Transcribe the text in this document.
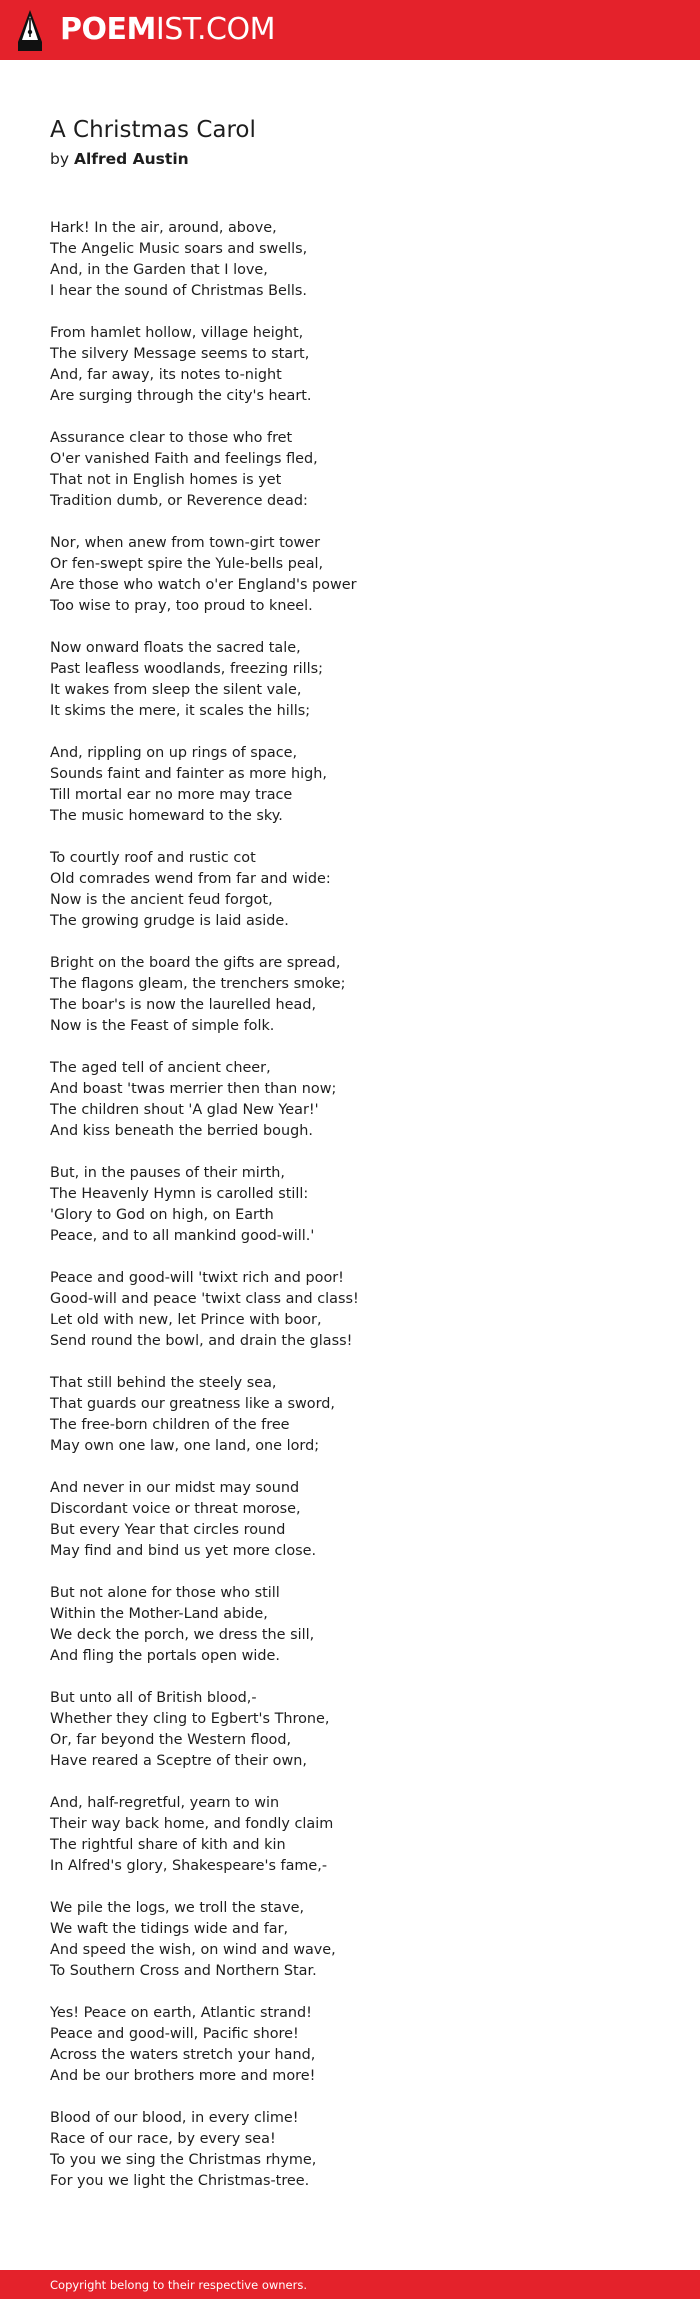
POEMIST.COM
A Christmas Carol
by Alfred Austin
Hark! In the air, around, above,
The Angelic Music soars and swells,
And, in the Garden that I love,
I hear the sound of Christmas Bells.
From hamlet hollow, village height,
The silvery Message seems to start,
And, far away, its notes to-night
Are surging through the city's heart.
Assurance clear to those who fret
O'er vanished Faith and feelings fled,
That not in English homes is yet
Tradition dumb, or Reverence dead:
Nor, when anew from town-girt tower
Or fen-swept spire the Yule-bells peal,
Are those who watch o'er England's power
Too wise to pray, too proud to kneel.
Now onward floats the sacred tale,
Past leafless woodlands, freezing rills;
It wakes from sleep the silent vale,
It skims the mere, it scales the hills;
And, rippling on up rings of space,
Sounds faint and fainter as more high,
Till mortal ear no more may trace
The music homeward to the sky.
To courtly roof and rustic cot
Old comrades wend from far and wide:
Now is the ancient feud forgot,
The growing grudge is laid aside.
Bright on the board the gifts are spread,
The flagons gleam, the trenchers smoke;
The boar's is now the laurelled head,
Now is the Feast of simple folk.
The aged tell of ancient cheer,
And boast 'twas merrier then than now;
The children shout 'A glad New Year!'
And kiss beneath the berried bough.
But, in the pauses of their mirth,
The Heavenly Hymn is carolled still:
'Glory to God on high, on Earth
Peace, and to all mankind good-will.'
Peace and good-will 'twixt rich and poor!
Good-will and peace 'twixt class and class!
Let old with new, let Prince with boor,
Send round the bowl, and drain the glass!
That still behind the steely sea,
That guards our greatness like a sword,
The free-born children of the free
May own one law, one land, one lord;
And never in our midst may sound
Discordant voice or threat morose,
But every Year that circles round
May find and bind us yet more close.
But not alone for those who still
Within the Mother-Land abide,
We deck the porch, we dress the sill,
And fling the portals open wide.
But unto all of British blood,-
Whether they cling to Egbert's Throne,
Or, far beyond the Western flood,
Have reared a Sceptre of their own,
And, half-regretful, yearn to win
Their way back home, and fondly claim
The rightful share of kith and kin
In Alfred's glory, Shakespeare's fame,-
We pile the logs, we troll the stave,
We waft the tidings wide and far,
And speed the wish, on wind and wave,
To Southern Cross and Northern Star.
Yes! Peace on earth, Atlantic strand!
Peace and good-will, Pacific shore!
Across the waters stretch your hand,
And be our brothers more and more!
Blood of our blood, in every clime!
Race of our race, by every sea!
To you we sing the Christmas rhyme,
For you we light the Christmas-tree.
Copyright belong to their respective owners.
